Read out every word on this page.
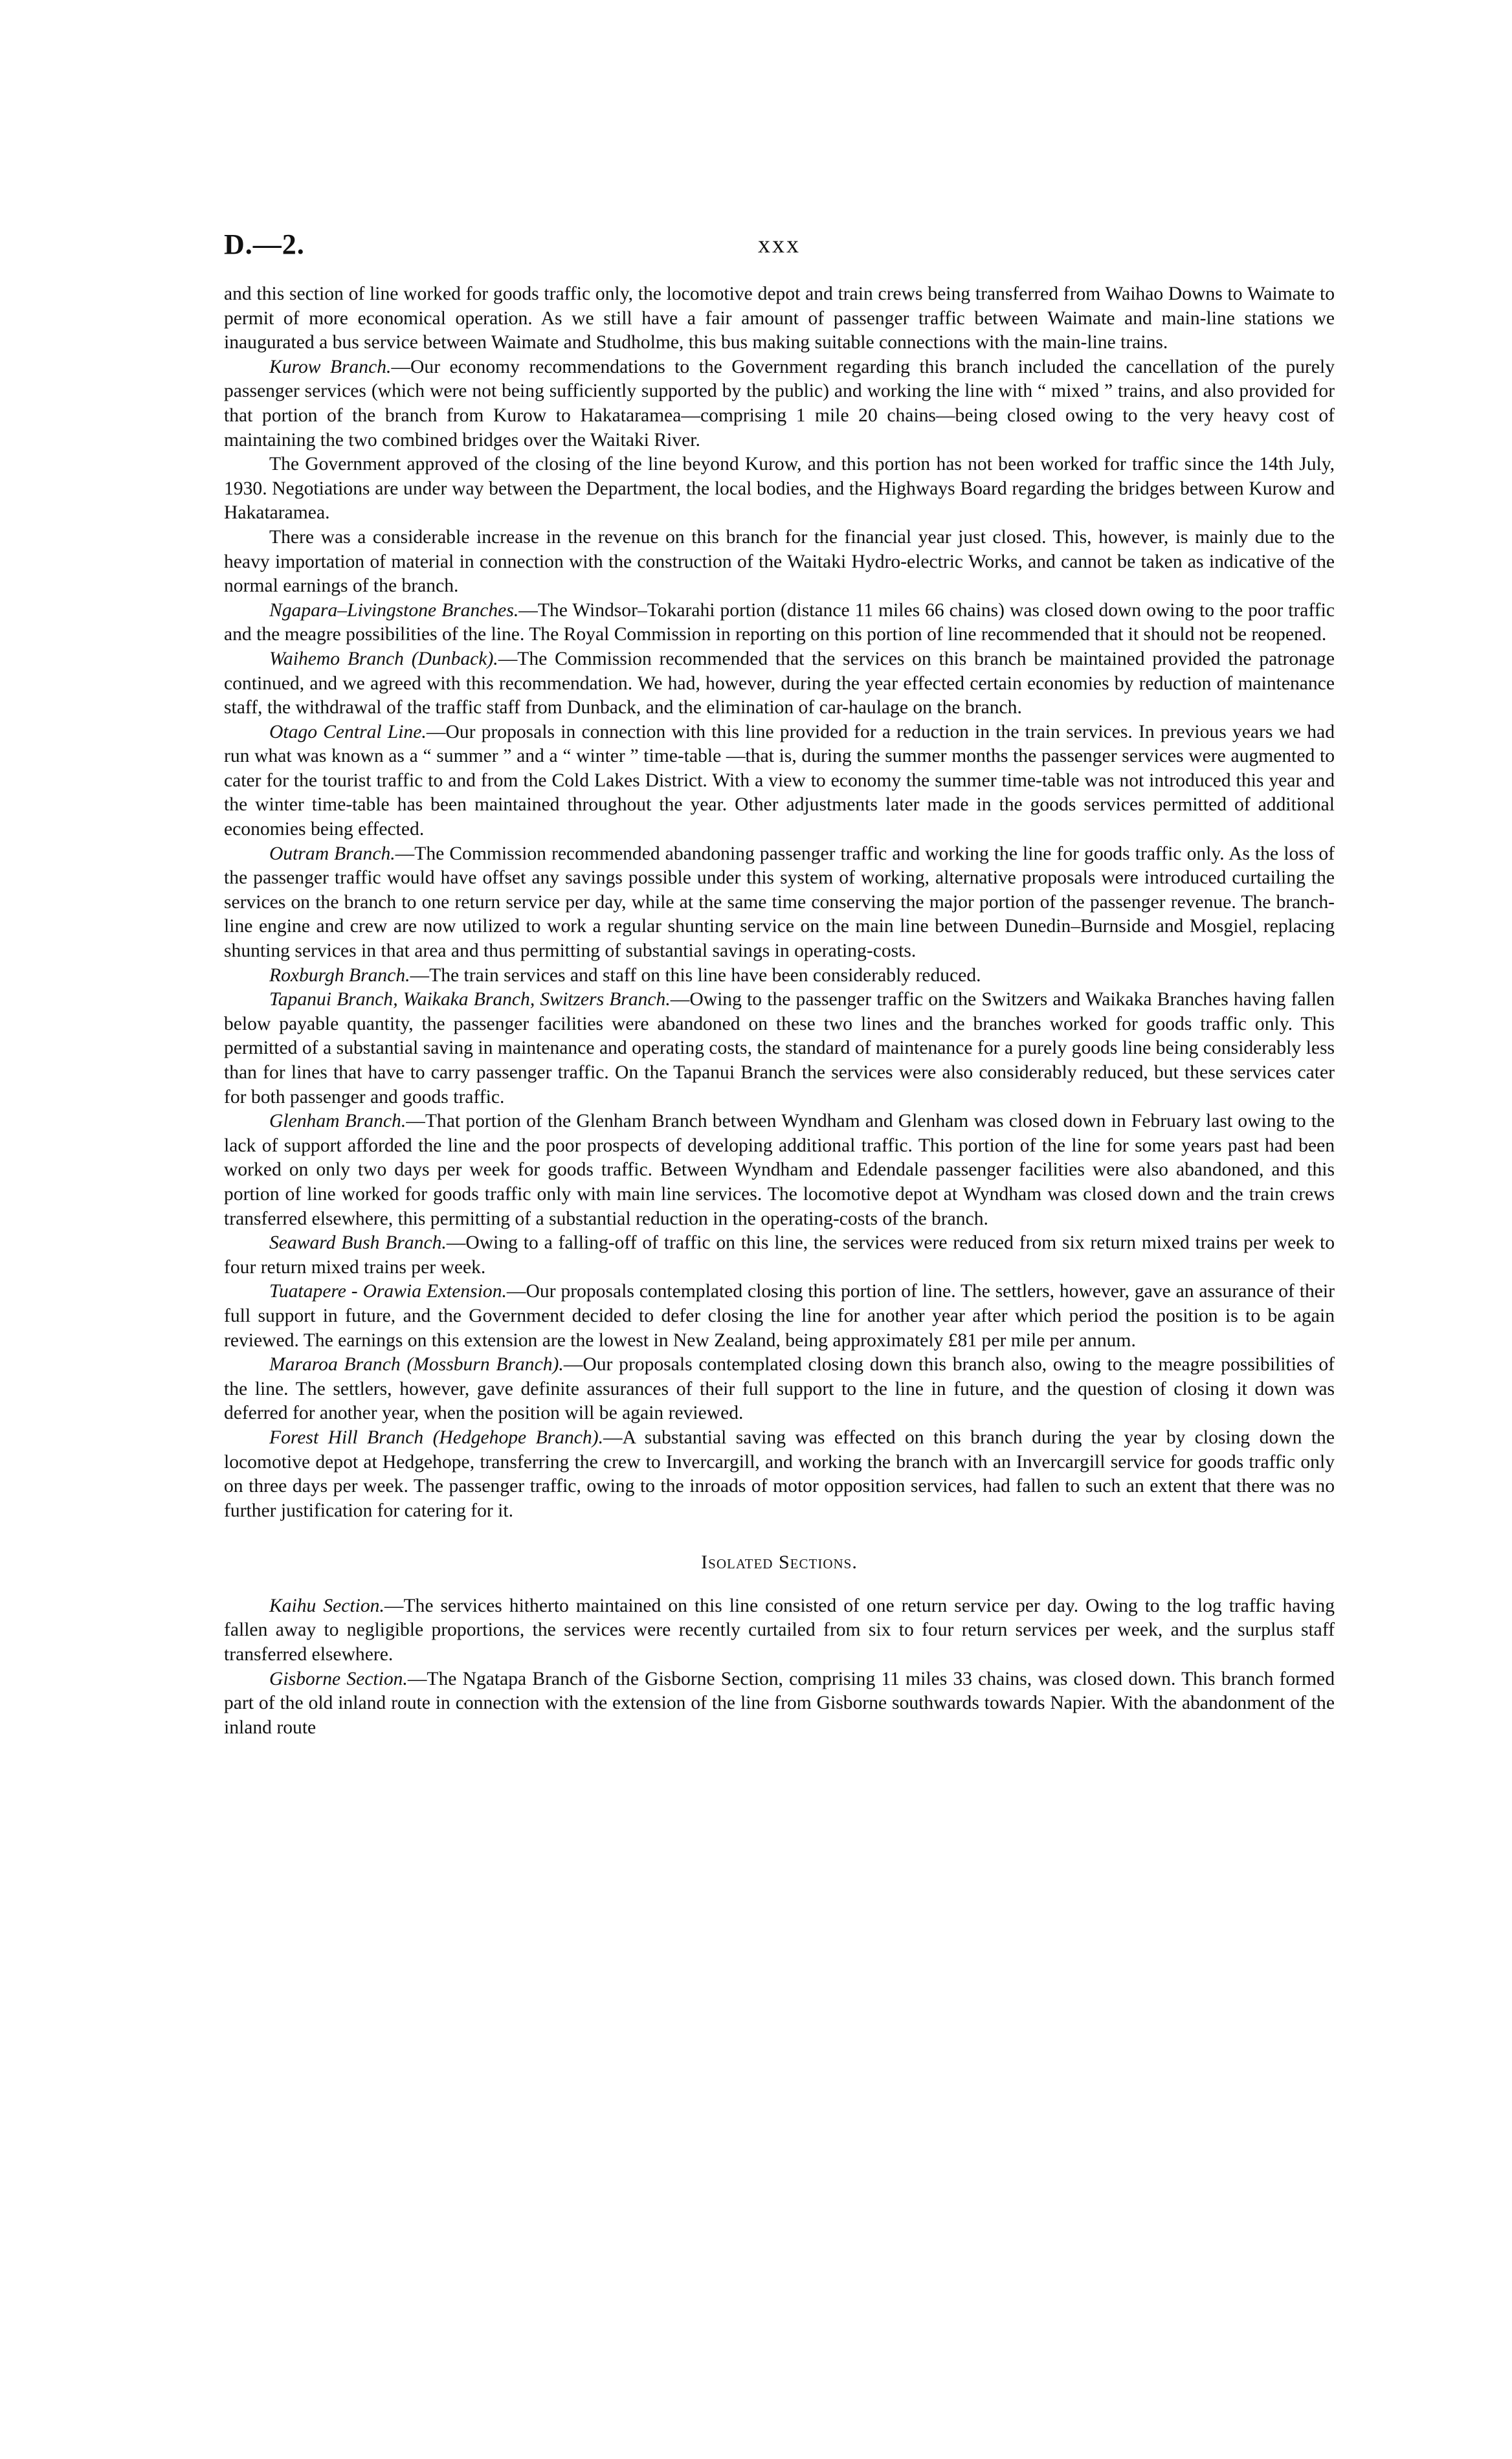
D.—2.	xxx

and this section of line worked for goods traffic only, the locomotive depot and train crews being transferred from Waihao Downs to Waimate to permit of more economical operation. As we still have a fair amount of passenger traffic between Waimate and main-line stations we inaugurated a bus service between Waimate and Studholme, this bus making suitable connections with the main-line trains.

Kurow Branch.—Our economy recommendations to the Government regarding this branch included the cancellation of the purely passenger services (which were not being sufficiently supported by the public) and working the line with “ mixed ” trains, and also provided for that portion of the branch from Kurow to Hakataramea—comprising 1 mile 20 chains—being closed owing to the very heavy cost of maintaining the two combined bridges over the Waitaki River.

The Government approved of the closing of the line beyond Kurow, and this portion has not been worked for traffic since the 14th July, 1930. Negotiations are under way between the Department, the local bodies, and the Highways Board regarding the bridges between Kurow and Hakataramea.

There was a considerable increase in the revenue on this branch for the financial year just closed. This, however, is mainly due to the heavy importation of material in connection with the construction of the Waitaki Hydro-electric Works, and cannot be taken as indicative of the normal earnings of the branch.

Ngapara–Livingstone Branches.—The Windsor–Tokarahi portion (distance 11 miles 66 chains) was closed down owing to the poor traffic and the meagre possibilities of the line. The Royal Commission in reporting on this portion of line recommended that it should not be reopened.

Waihemo Branch (Dunback).—The Commission recommended that the services on this branch be maintained provided the patronage continued, and we agreed with this recommendation. We had, however, during the year effected certain economies by reduction of maintenance staff, the withdrawal of the traffic staff from Dunback, and the elimination of car-haulage on the branch.

Otago Central Line.—Our proposals in connection with this line provided for a reduction in the train services. In previous years we had run what was known as a “ summer ” and a “ winter ” time-table —that is, during the summer months the passenger services were augmented to cater for the tourist traffic to and from the Cold Lakes District. With a view to economy the summer time-table was not introduced this year and the winter time-table has been maintained throughout the year. Other adjustments later made in the goods services permitted of additional economies being effected.

Outram Branch.—The Commission recommended abandoning passenger traffic and working the line for goods traffic only. As the loss of the passenger traffic would have offset any savings possible under this system of working, alternative proposals were introduced curtailing the services on the branch to one return service per day, while at the same time conserving the major portion of the passenger revenue. The branch-line engine and crew are now utilized to work a regular shunting service on the main line between Dunedin–Burnside and Mosgiel, replacing shunting services in that area and thus permitting of substantial savings in operating-costs.

Roxburgh Branch.—The train services and staff on this line have been considerably reduced.

Tapanui Branch, Waikaka Branch, Switzers Branch.—Owing to the passenger traffic on the Switzers and Waikaka Branches having fallen below payable quantity, the passenger facilities were abandoned on these two lines and the branches worked for goods traffic only. This permitted of a substantial saving in maintenance and operating costs, the standard of maintenance for a purely goods line being considerably less than for lines that have to carry passenger traffic. On the Tapanui Branch the services were also considerably reduced, but these services cater for both passenger and goods traffic.

Glenham Branch.—That portion of the Glenham Branch between Wyndham and Glenham was closed down in February last owing to the lack of support afforded the line and the poor prospects of developing additional traffic. This portion of the line for some years past had been worked on only two days per week for goods traffic. Between Wyndham and Edendale passenger facilities were also abandoned, and this portion of line worked for goods traffic only with main line services. The locomotive depot at Wyndham was closed down and the train crews transferred elsewhere, this permitting of a substantial reduction in the operating-costs of the branch.

Seaward Bush Branch.—Owing to a falling-off of traffic on this line, the services were reduced from six return mixed trains per week to four return mixed trains per week.

Tuatapere - Orawia Extension.—Our proposals contemplated closing this portion of line. The settlers, however, gave an assurance of their full support in future, and the Government decided to defer closing the line for another year after which period the position is to be again reviewed. The earnings on this extension are the lowest in New Zealand, being approximately £81 per mile per annum.

Mararoa Branch (Mossburn Branch).—Our proposals contemplated closing down this branch also, owing to the meagre possibilities of the line. The settlers, however, gave definite assurances of their full support to the line in future, and the question of closing it down was deferred for another year, when the position will be again reviewed.

Forest Hill Branch (Hedgehope Branch).—A substantial saving was effected on this branch during the year by closing down the locomotive depot at Hedgehope, transferring the crew to Invercargill, and working the branch with an Invercargill service for goods traffic only on three days per week. The passenger traffic, owing to the inroads of motor opposition services, had fallen to such an extent that there was no further justification for catering for it.

Isolated Sections.

Kaihu Section.—The services hitherto maintained on this line consisted of one return service per day. Owing to the log traffic having fallen away to negligible proportions, the services were recently curtailed from six to four return services per week, and the surplus staff transferred elsewhere.

Gisborne Section.—The Ngatapa Branch of the Gisborne Section, comprising 11 miles 33 chains, was closed down. This branch formed part of the old inland route in connection with the extension of the line from Gisborne southwards towards Napier. With the abandonment of the inland route
